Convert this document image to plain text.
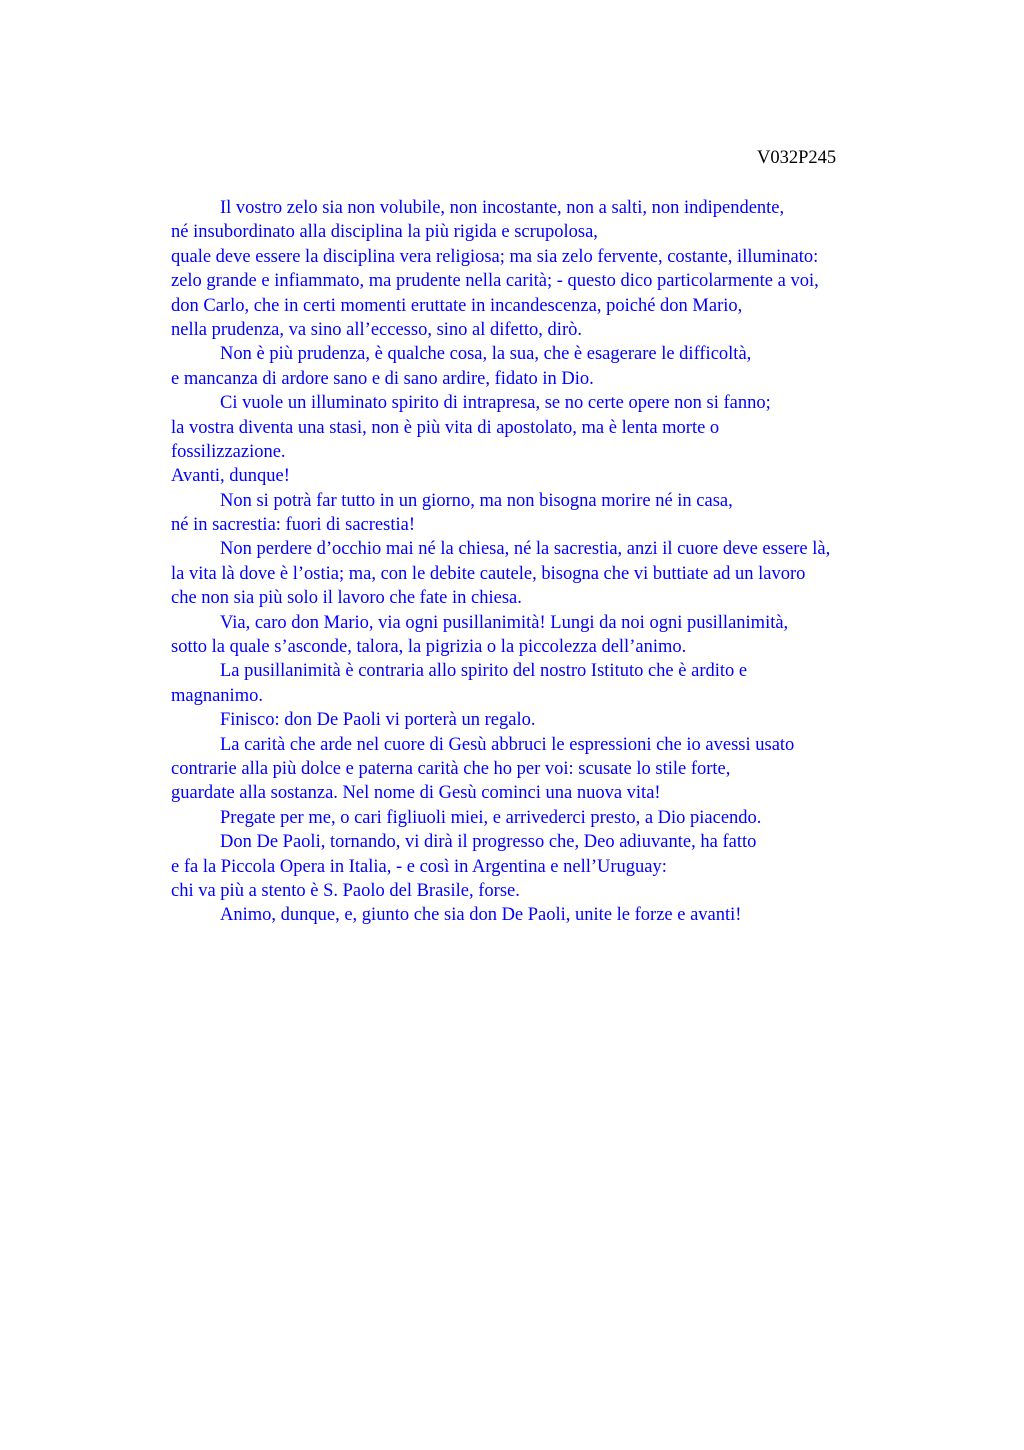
V032P245
Il vostro zelo sia non volubile, non incostante, non a salti, non indipendente,
né insubordinato alla disciplina la più rigida e scrupolosa,
quale deve essere la disciplina vera religiosa; ma sia zelo fervente, costante, illuminato:
zelo grande e infiammato, ma prudente nella carità; - questo dico particolarmente a voi,
don Carlo, che in certi momenti eruttate in incandescenza, poiché don Mario,
nella prudenza, va sino all’eccesso, sino al difetto, dirò.
Non è più prudenza, è qualche cosa, la sua, che è esagerare le difficoltà,
e mancanza di ardore sano e di sano ardire, fidato in Dio.
Ci vuole un illuminato spirito di intrapresa, se no certe opere non si fanno;
la vostra diventa una stasi, non è più vita di apostolato, ma è lenta morte o
fossilizzazione.
Avanti, dunque!
Non si potrà far tutto in un giorno, ma non bisogna morire né in casa,
né in sacrestia: fuori di sacrestia!
Non perdere d’occhio mai né la chiesa, né la sacrestia, anzi il cuore deve essere là,
la vita là dove è l’ostia; ma, con le debite cautele, bisogna che vi buttiate ad un lavoro
che non sia più solo il lavoro che fate in chiesa.
Via, caro don Mario, via ogni pusillanimità! Lungi da noi ogni pusillanimità,
sotto la quale s’asconde, talora, la pigrizia o la piccolezza dell’animo.
La pusillanimità è contraria allo spirito del nostro Istituto che è ardito e
magnanimo.
Finisco: don De Paoli vi porterà un regalo.
La carità che arde nel cuore di Gesù abbruci le espressioni che io avessi usato
contrarie alla più dolce e paterna carità che ho per voi: scusate lo stile forte,
guardate alla sostanza. Nel nome di Gesù cominci una nuova vita!
Pregate per me, o cari figliuoli miei, e arrivederci presto, a Dio piacendo.
Don De Paoli, tornando, vi dirà il progresso che, Deo adiuvante, ha fatto
e fa la Piccola Opera in Italia, - e così in Argentina e nell’Uruguay:
chi va più a stento è S. Paolo del Brasile, forse.
Animo, dunque, e, giunto che sia don De Paoli, unite le forze e avanti!
